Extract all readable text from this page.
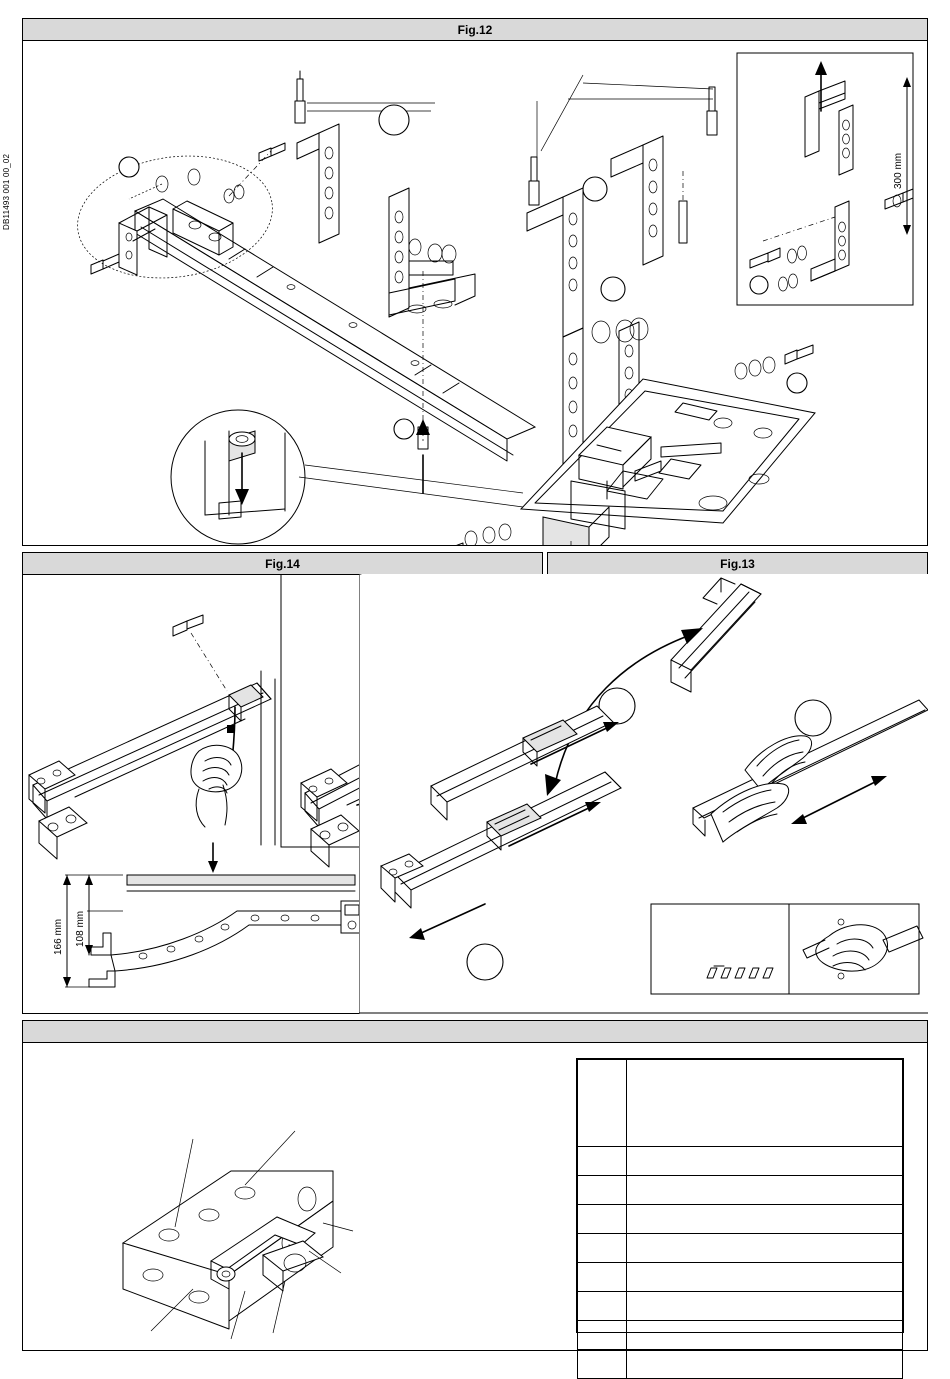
DB11493 001 00_02
Fig.12
300 mm
Fig.14
166 mm 108 mm
Fig.13
